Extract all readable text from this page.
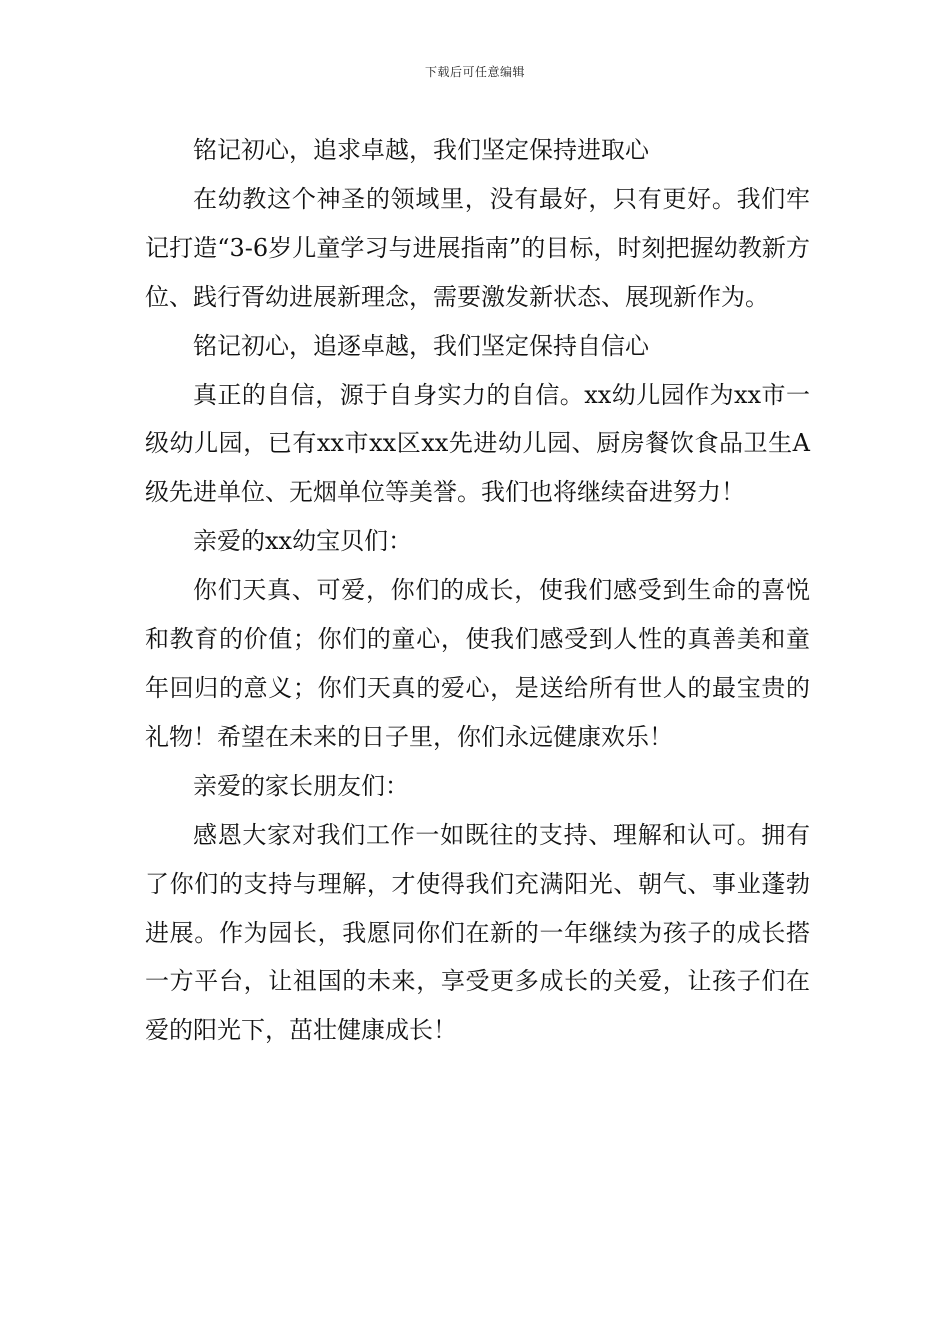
下载后可任意编辑

铭记初心，追求卓越，我们坚定保持进取心

在幼教这个神圣的领域里，没有最好，只有更好。我们牢记打造“3-6岁儿童学习与进展指南”的目标，时刻把握幼教新方位、践行胥幼进展新理念，需要激发新状态、展现新作为。

铭记初心，追逐卓越，我们坚定保持自信心

真正的自信，源于自身实力的自信。xx幼儿园作为xx市一级幼儿园，已有xx市xx区xx先进幼儿园、厨房餐饮食品卫生A级先进单位、无烟单位等美誉。我们也将继续奋进努力！

亲爱的xx幼宝贝们：

你们天真、可爱，你们的成长，使我们感受到生命的喜悦和教育的价值；你们的童心，使我们感受到人性的真善美和童年回归的意义；你们天真的爱心，是送给所有世人的最宝贵的礼物！希望在未来的日子里，你们永远健康欢乐！

亲爱的家长朋友们：

感恩大家对我们工作一如既往的支持、理解和认可。拥有了你们的支持与理解，才使得我们充满阳光、朝气、事业蓬勃进展。作为园长，我愿同你们在新的一年继续为孩子的成长搭一方平台，让祖国的未来，享受更多成长的关爱，让孩子们在爱的阳光下，茁壮健康成长！
